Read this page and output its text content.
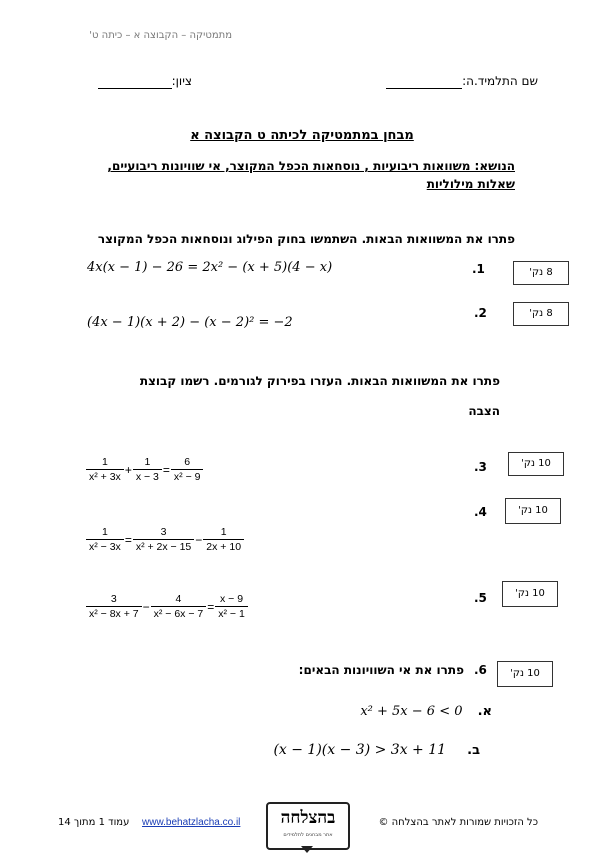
מתמטיקה – הקבוצה א – כיתה ט'
שם התלמיד.ה:
ציון:
מבחן במתמטיקה לכיתה ט הקבוצה א
הנושא: משוואות ריבועיות , נוסחאות הכפל המקוצר, אי שוויונות ריבועיים,
שאלות מילוליות
פתרו את המשוואות הבאות. השתמשו בחוק הפילוג ונוסחאות הכפל המקוצר
4x(x − 1) − 26 = 2x² − (x + 5)(4 − x)	.1	8 נק'
(4x − 1)(x + 2) − (x − 2)² = −2
.2	8 נק'
פתרו את המשוואות הבאות. העזרו בפירוק לגורמים. רשמו קבוצת
הצבה
$\frac{1}{\text{x² + 3x}} + \frac{1}{x - 3} = \frac{6}{\text{x² − 9}}$	.3	10 נק'
$\frac{1}{\text{x² − 3x}} = \frac{3}{\text{x² + 2x − 15}} - \frac{1}{2x + 10}$
.4	10 נק'
$\frac{3}{\text{x² − 8x + 7}} - \frac{4}{\text{x² − 6x − 7}} = \frac{x - 9}{\text{x² − 1}}$	.5	10 נק'
.6
פתרו את אי השוויונות הבאים:	10 נק'
x² + 5x − 6 < 0 א.
(x − 1)(x − 3) > 3x + 11 ב.
עמוד 1 מתוך 14 www.behatzlacha.co.il	בהצלחה
אתר מבחנים לתלמידים
כל הזכויות שמורות לאתר בהצלחה ©
